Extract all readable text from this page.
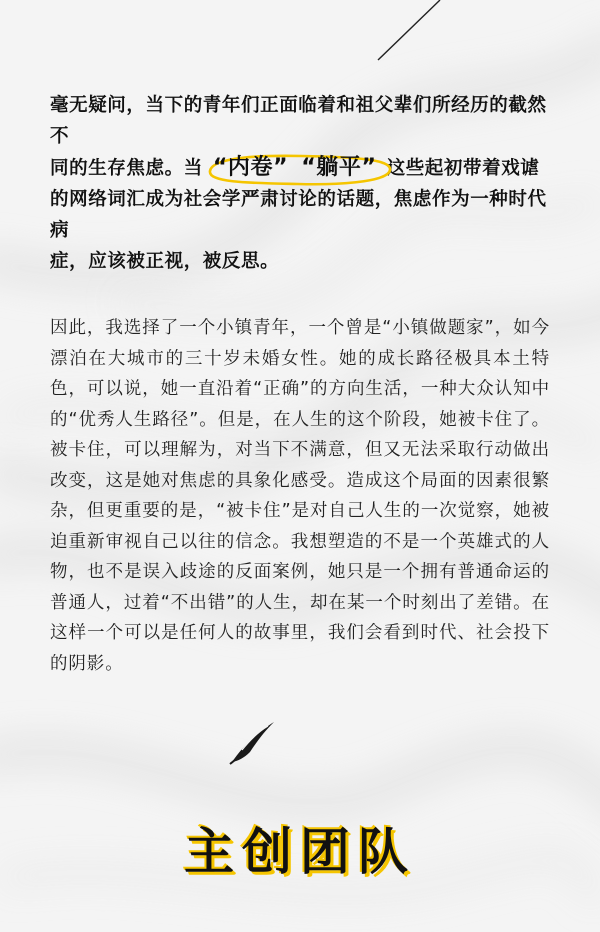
毫无疑问，当下的青年们正面临着和祖父辈们所经历的截然不
同的生存焦虑。当 “内卷” “躺平” 这些起初带着戏谑
的网络词汇成为社会学严肃讨论的话题，焦虑作为一种时代病
症，应该被正视，被反思。
因此，我选择了一个小镇青年，一个曾是“小镇做题家”，如今漂泊在大城市的三十岁未婚女性。她的成长路径极具本土特色，可以说，她一直沿着“正确”的方向生活，一种大众认知中的“优秀人生路径”。但是，在人生的这个阶段，她被卡住了。被卡住，可以理解为，对当下不满意，但又无法采取行动做出改变，这是她对焦虑的具象化感受。造成这个局面的因素很繁杂，但更重要的是，“被卡住”是对自己人生的一次觉察，她被迫重新审视自己以往的信念。我想塑造的不是一个英雄式的人物，也不是误入歧途的反面案例，她只是一个拥有普通命运的普通人，过着“不出错”的人生，却在某一个时刻出了差错。在这样一个可以是任何人的故事里，我们会看到时代、社会投下的阴影。
主创团队
